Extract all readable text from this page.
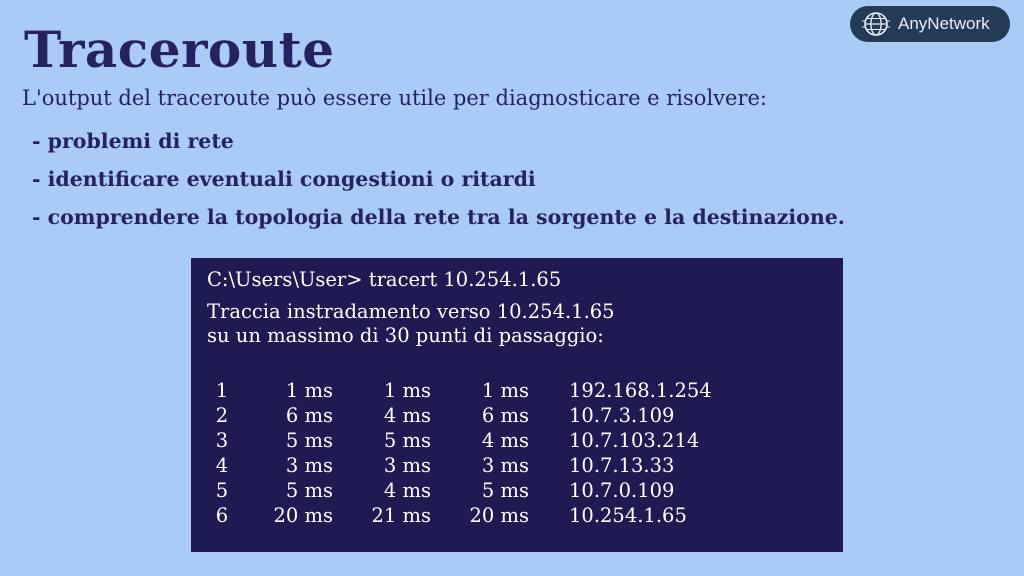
Traceroute	AnyNetwork

L'output del traceroute può essere utile per diagnosticare e risolvere:

- problemi di rete
- identificare eventuali congestioni o ritardi
- comprendere la topologia della rete tra la sorgente e la destinazione.
C:\Users\User> tracert 10.254.1.65
Traccia instradamento verso 10.254.1.65
su un massimo di 30 punti di passaggio:
1	1 ms	1 ms	1 ms	192.168.1.254
2	6 ms	4 ms	6 ms	10.7.3.109
3	5 ms	5 ms	4 ms	10.7.103.214
4	3 ms	3 ms	3 ms	10.7.13.33
5	5 ms	4 ms	5 ms	10.7.0.109
6	20 ms	21 ms	20 ms	10.254.1.65
